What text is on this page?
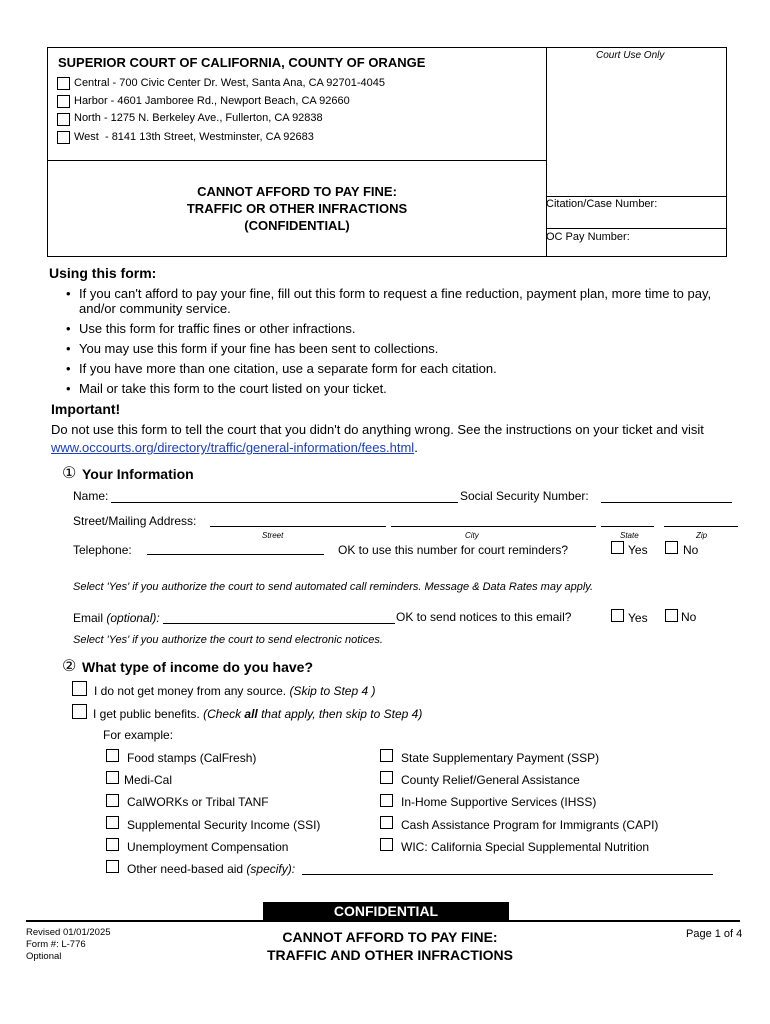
SUPERIOR COURT OF CALIFORNIA, COUNTY OF ORANGE	Court Use Only
Central - 700 Civic Center Dr. West, Santa Ana, CA 92701-4045
Harbor - 4601 Jamboree Rd., Newport Beach, CA 92660
North - 1275 N. Berkeley Ave., Fullerton, CA 92838
West  - 8141 13th Street, Westminster, CA 92683
CANNOT AFFORD TO PAY FINE:
TRAFFIC OR OTHER INFRACTIONS
(CONFIDENTIAL)
Citation/Case Number:
OC Pay Number:
Using this form:
• If you can't afford to pay your fine, fill out this form to request a fine reduction, payment plan, more time to pay, and/or community service.
• Use this form for traffic fines or other infractions.
• You may use this form if your fine has been sent to collections.
• If you have more than one citation, use a separate form for each citation.
• Mail or take this form to the court listed on your ticket.
Important!
Do not use this form to tell the court that you didn't do anything wrong. See the instructions on your ticket and visit www.occourts.org/directory/traffic/general-information/fees.html.
① Your Information
Name:	Social Security Number:
Street/Mailing Address:
Street	City	State	Zip
Telephone:	OK to use this number for court reminders?	Yes	No
Select 'Yes' if you authorize the court to send automated call reminders. Message & Data Rates may apply.
Email (optional):	OK to send notices to this email?	Yes	No
Select 'Yes' if you authorize the court to send electronic notices.
② What type of income do you have?
I do not get money from any source. (Skip to Step 4 )
I get public benefits. (Check all that apply, then skip to Step 4)
For example:
Food stamps (CalFresh)
Medi-Cal
CalWORKs or Tribal TANF
Supplemental Security Income (SSI)
Unemployment Compensation
State Supplementary Payment (SSP)
County Relief/General Assistance
In-Home Supportive Services (IHSS)
Cash Assistance Program for Immigrants (CAPI)
WIC: California Special Supplemental Nutrition
Other need-based aid (specify):
CONFIDENTIAL
Revised 01/01/2025
Form #: L-776
Optional
CANNOT AFFORD TO PAY FINE:
TRAFFIC AND OTHER INFRACTIONS
Page 1 of 4
